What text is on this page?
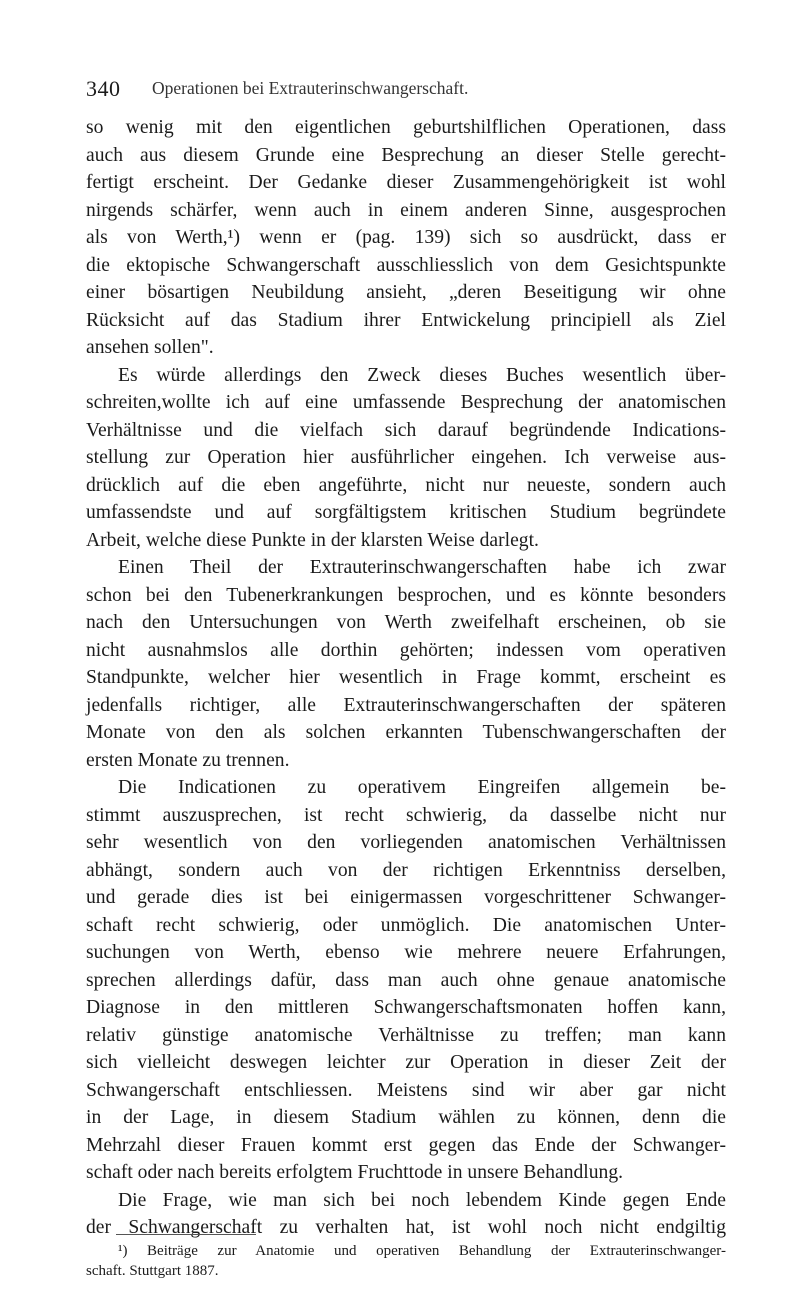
340 Operationen bei Extrauterinschwangerschaft.
so wenig mit den eigentlichen geburtshilflichen Operationen, dass
auch aus diesem Grunde eine Besprechung an dieser Stelle gerecht-
fertigt erscheint. Der Gedanke dieser Zusammengehörigkeit ist wohl
nirgends schärfer, wenn auch in einem anderen Sinne, ausgesprochen
als von Werth,¹) wenn er (pag. 139) sich so ausdrückt, dass er
die ektopische Schwangerschaft ausschliesslich von dem Gesichtspunkte
einer bösartigen Neubildung ansieht, „deren Beseitigung wir ohne
Rücksicht auf das Stadium ihrer Entwickelung principiell als Ziel
ansehen sollen".
Es würde allerdings den Zweck dieses Buches wesentlich über-
schreiten,wollte ich auf eine umfassende Besprechung der anatomischen
Verhältnisse und die vielfach sich darauf begründende Indications-
stellung zur Operation hier ausführlicher eingehen. Ich verweise aus-
drücklich auf die eben angeführte, nicht nur neueste, sondern auch
umfassendste und auf sorgfältigstem kritischen Studium begründete
Arbeit, welche diese Punkte in der klarsten Weise darlegt.
Einen Theil der Extrauterinschwangerschaften habe ich zwar
schon bei den Tubenerkrankungen besprochen, und es könnte besonders
nach den Untersuchungen von Werth zweifelhaft erscheinen, ob sie
nicht ausnahmslos alle dorthin gehörten; indessen vom operativen
Standpunkte, welcher hier wesentlich in Frage kommt, erscheint es
jedenfalls richtiger, alle Extrauterinschwangerschaften der späteren
Monate von den als solchen erkannten Tubenschwangerschaften der
ersten Monate zu trennen.
Die Indicationen zu operativem Eingreifen allgemein be-
stimmt auszusprechen, ist recht schwierig, da dasselbe nicht nur
sehr wesentlich von den vorliegenden anatomischen Verhältnissen
abhängt, sondern auch von der richtigen Erkenntniss derselben,
und gerade dies ist bei einigermassen vorgeschrittener Schwanger-
schaft recht schwierig, oder unmöglich. Die anatomischen Unter-
suchungen von Werth, ebenso wie mehrere neuere Erfahrungen,
sprechen allerdings dafür, dass man auch ohne genaue anatomische
Diagnose in den mittleren Schwangerschaftsmonaten hoffen kann,
relativ günstige anatomische Verhältnisse zu treffen; man kann
sich vielleicht deswegen leichter zur Operation in dieser Zeit der
Schwangerschaft entschliessen. Meistens sind wir aber gar nicht
in der Lage, in diesem Stadium wählen zu können, denn die
Mehrzahl dieser Frauen kommt erst gegen das Ende der Schwanger-
schaft oder nach bereits erfolgtem Fruchttode in unsere Behandlung.
Die Frage, wie man sich bei noch lebendem Kinde gegen Ende
der Schwangerschaft zu verhalten hat, ist wohl noch nicht endgiltig
¹) Beiträge zur Anatomie und operativen Behandlung der Extrauterinschwanger-
schaft. Stuttgart 1887.
